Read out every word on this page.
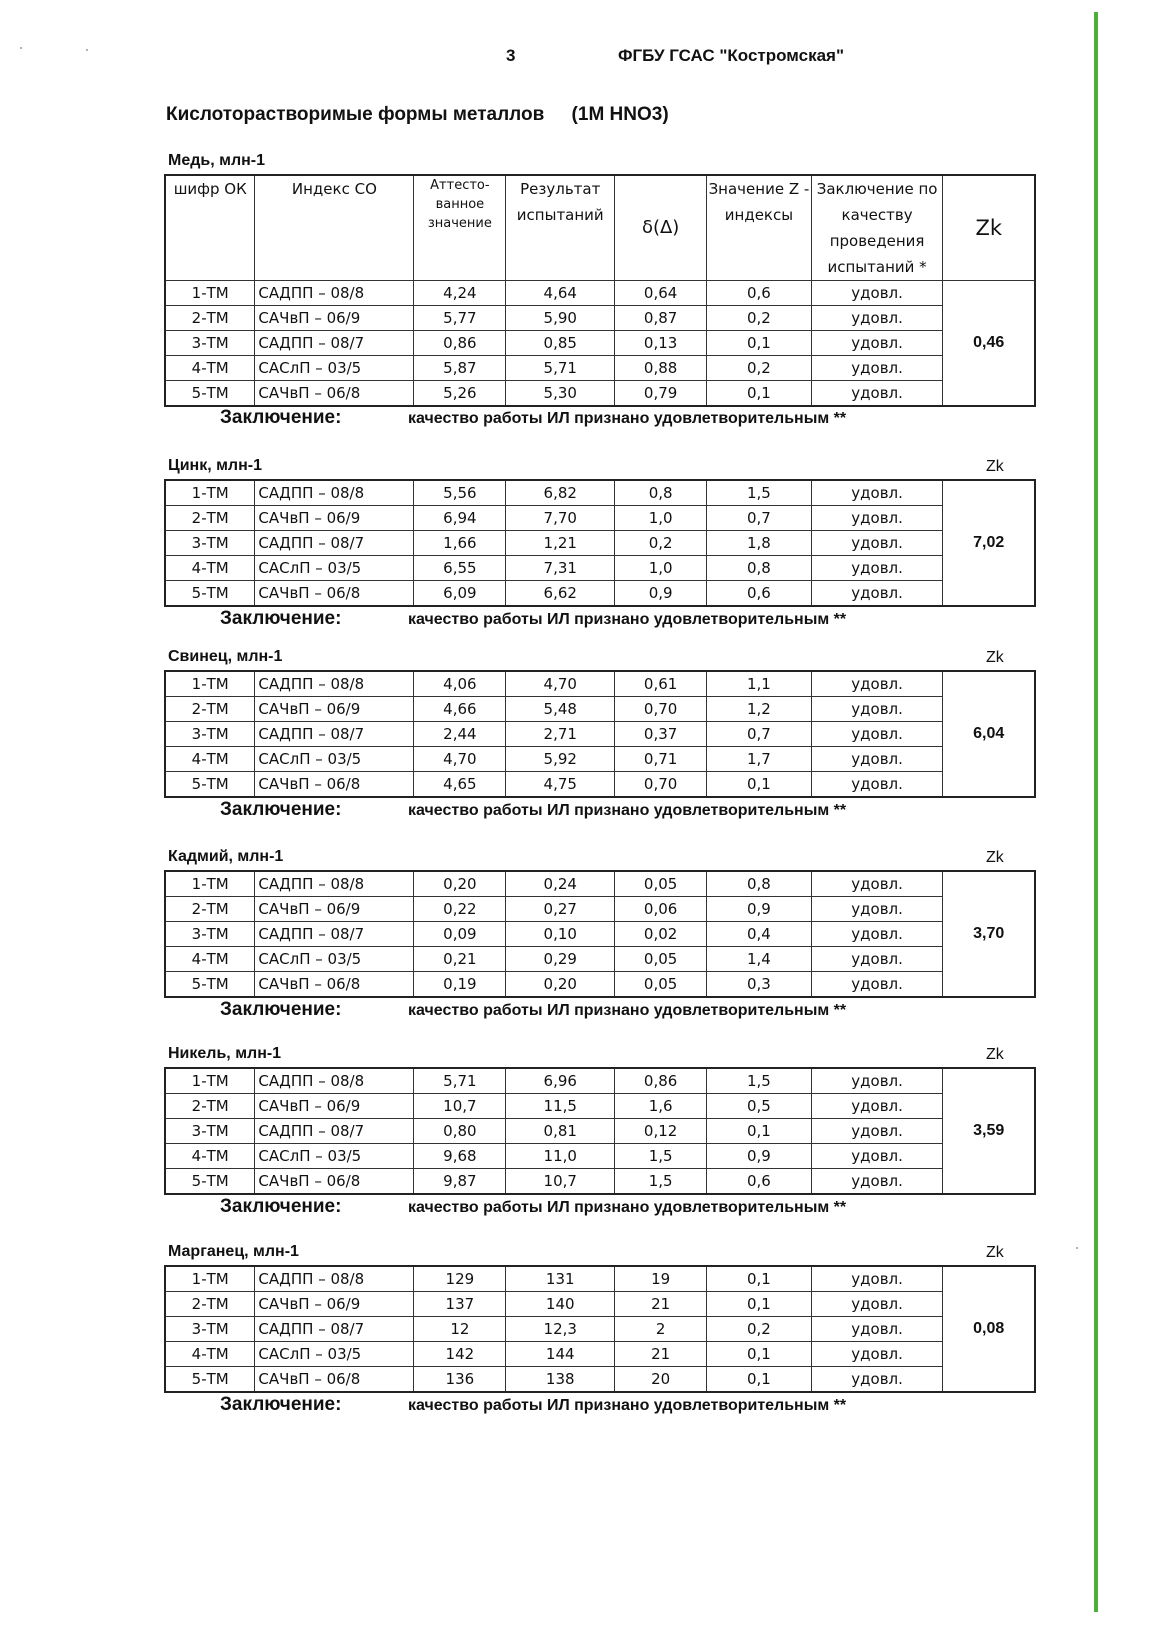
3	ФГБУ ГСАС "Костромская"
Кислоторастворимые формы металлов (1М HNO3)
Медь, млн-1
шифр ОК	Индекс СО	Аттесто-ванное значение	Результат испытаний	δ(Δ)	Значение Z - индексы	Заключение по качеству проведения испытаний *	Zk
1-ТМ	САДПП – 08/8	4,24	4,64	0,64	0,6	удовл.	0,46
2-ТМ	САЧвП – 06/9	5,77	5,90	0,87	0,2	удовл.	
3-ТМ	САДПП – 08/7	0,86	0,85	0,13	0,1	удовл.	
4-ТМ	САСлП – 03/5	5,87	5,71	0,88	0,2	удовл.	
5-ТМ	САЧвП – 06/8	5,26	5,30	0,79	0,1	удовл.	
Заключение:	качество работы ИЛ признано удовлетворительным **
Цинк, млн-1	Zk
1-ТМ	САДПП – 08/8	5,56	6,82	0,8	1,5	удовл.	7,02
2-ТМ	САЧвП – 06/9	6,94	7,70	1,0	0,7	удовл.	
3-ТМ	САДПП – 08/7	1,66	1,21	0,2	1,8	удовл.	
4-ТМ	САСлП – 03/5	6,55	7,31	1,0	0,8	удовл.	
5-ТМ	САЧвП – 06/8	6,09	6,62	0,9	0,6	удовл.	
Заключение:	качество работы ИЛ признано удовлетворительным **
Свинец, млн-1	Zk
1-ТМ	САДПП – 08/8	4,06	4,70	0,61	1,1	удовл.	6,04
2-ТМ	САЧвП – 06/9	4,66	5,48	0,70	1,2	удовл.	
3-ТМ	САДПП – 08/7	2,44	2,71	0,37	0,7	удовл.	
4-ТМ	САСлП – 03/5	4,70	5,92	0,71	1,7	удовл.	
5-ТМ	САЧвП – 06/8	4,65	4,75	0,70	0,1	удовл.	
Заключение:	качество работы ИЛ признано удовлетворительным **
Кадмий, млн-1	Zk
1-ТМ	САДПП – 08/8	0,20	0,24	0,05	0,8	удовл.	3,70
2-ТМ	САЧвП – 06/9	0,22	0,27	0,06	0,9	удовл.	
3-ТМ	САДПП – 08/7	0,09	0,10	0,02	0,4	удовл.	
4-ТМ	САСлП – 03/5	0,21	0,29	0,05	1,4	удовл.	
5-ТМ	САЧвП – 06/8	0,19	0,20	0,05	0,3	удовл.	
Заключение:	качество работы ИЛ признано удовлетворительным **
Никель, млн-1	Zk
1-ТМ	САДПП – 08/8	5,71	6,96	0,86	1,5	удовл.	3,59
2-ТМ	САЧвП – 06/9	10,7	11,5	1,6	0,5	удовл.	
3-ТМ	САДПП – 08/7	0,80	0,81	0,12	0,1	удовл.	
4-ТМ	САСлП – 03/5	9,68	11,0	1,5	0,9	удовл.	
5-ТМ	САЧвП – 06/8	9,87	10,7	1,5	0,6	удовл.	
Заключение:	качество работы ИЛ признано удовлетворительным **
Марганец, млн-1	Zk
1-ТМ	САДПП – 08/8	129	131	19	0,1	удовл.	0,08
2-ТМ	САЧвП – 06/9	137	140	21	0,1	удовл.	
3-ТМ	САДПП – 08/7	12	12,3	2	0,2	удовл.	
4-ТМ	САСлП – 03/5	142	144	21	0,1	удовл.	
5-ТМ	САЧвП – 06/8	136	138	20	0,1	удовл.	
Заключение:	качество работы ИЛ признано удовлетворительным **
